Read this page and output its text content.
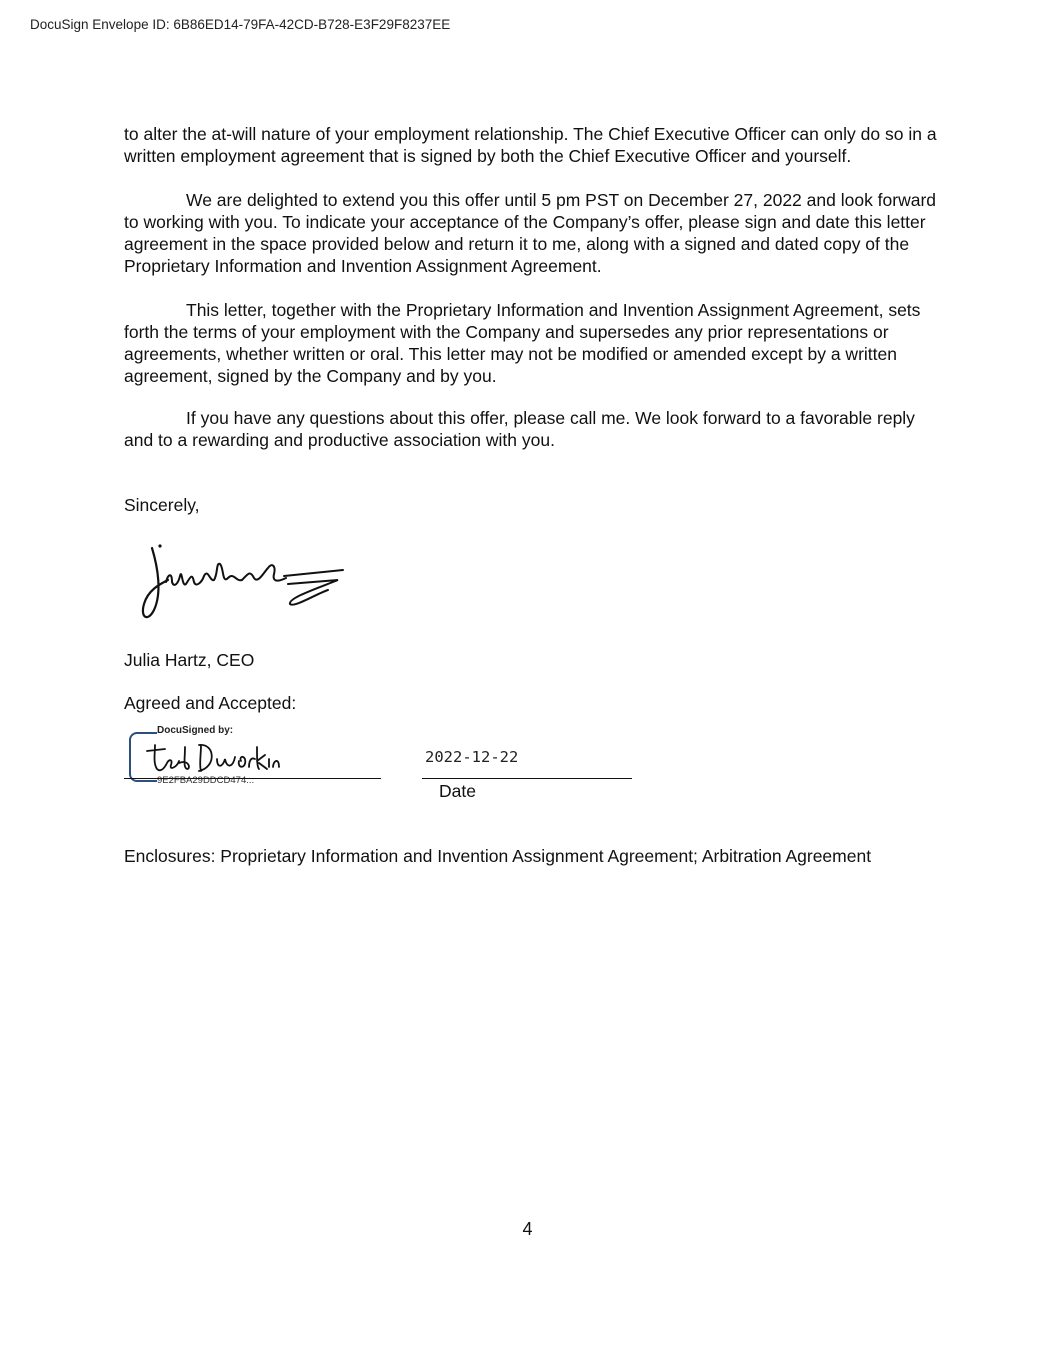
DocuSign Envelope ID: 6B86ED14-79FA-42CD-B728-E3F29F8237EE

to alter the at-will nature of your employment relationship. The Chief Executive Officer can only do so in a written employment agreement that is signed by both the Chief Executive Officer and yourself.

We are delighted to extend you this offer until 5 pm PST on December 27, 2022 and look forward to working with you. To indicate your acceptance of the Company’s offer, please sign and date this letter agreement in the space provided below and return it to me, along with a signed and dated copy of the Proprietary Information and Invention Assignment Agreement.

This letter, together with the Proprietary Information and Invention Assignment Agreement, sets forth the terms of your employment with the Company and supersedes any prior representations or agreements, whether written or oral. This letter may not be modified or amended except by a written agreement, signed by the Company and by you.

If you have any questions about this offer, please call me. We look forward to a favorable reply and to a rewarding and productive association with you.

Sincerely,
Julia Hartz, CEO
Agreed and Accepted:
DocuSigned by:
9E2FBA29DDCD474...
2022-12-22
Date
Enclosures: Proprietary Information and Invention Assignment Agreement; Arbitration Agreement
4
